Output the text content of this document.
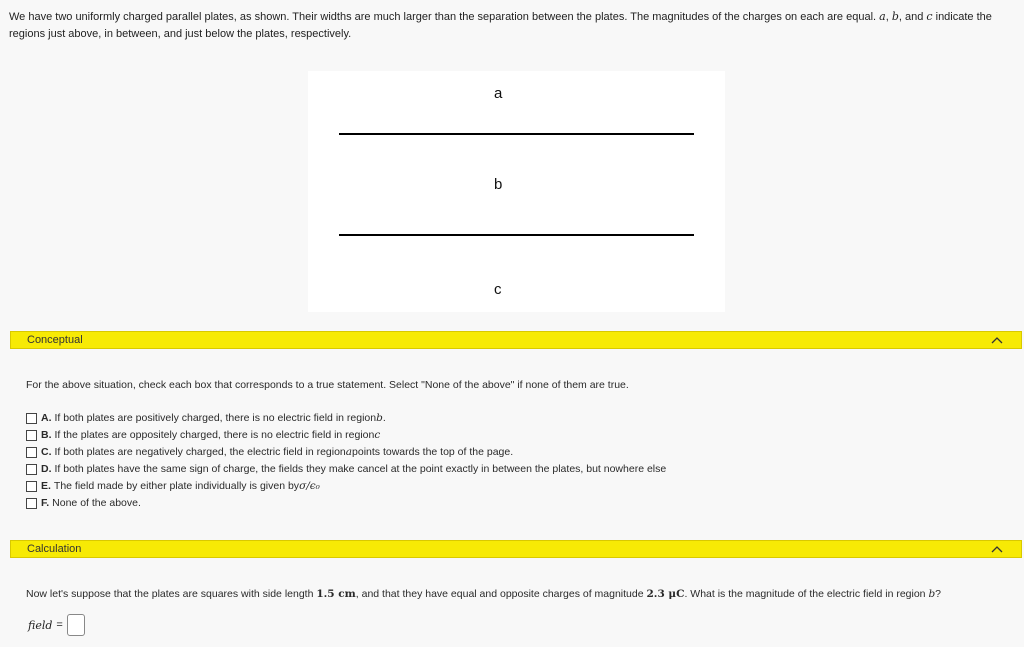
We have two uniformly charged parallel plates, as shown. Their widths are much larger than the separation between the plates. The magnitudes of the charges on each are equal. a, b, and c indicate the regions just above, in between, and just below the plates, respectively.
a
b
c
Conceptual
For the above situation, check each box that corresponds to a true statement. Select "None of the above" if none of them are true.
A. If both plates are positively charged, there is no electric field in region b .
B. If the plates are oppositely charged, there is no electric field in region c
C. If both plates are negatively charged, the electric field in region a points towards the top of the page.
D. If both plates have the same sign of charge, the fields they make cancel at the point exactly in between the plates, but nowhere else
E. The field made by either plate individually is given by σ/ϵ₀
F. None of the above.
Calculation
Now let's suppose that the plates are squares with side length 1.5 cm, and that they have equal and opposite charges of magnitude 2.3 μC. What is the magnitude of the electric field in region b?
field =
